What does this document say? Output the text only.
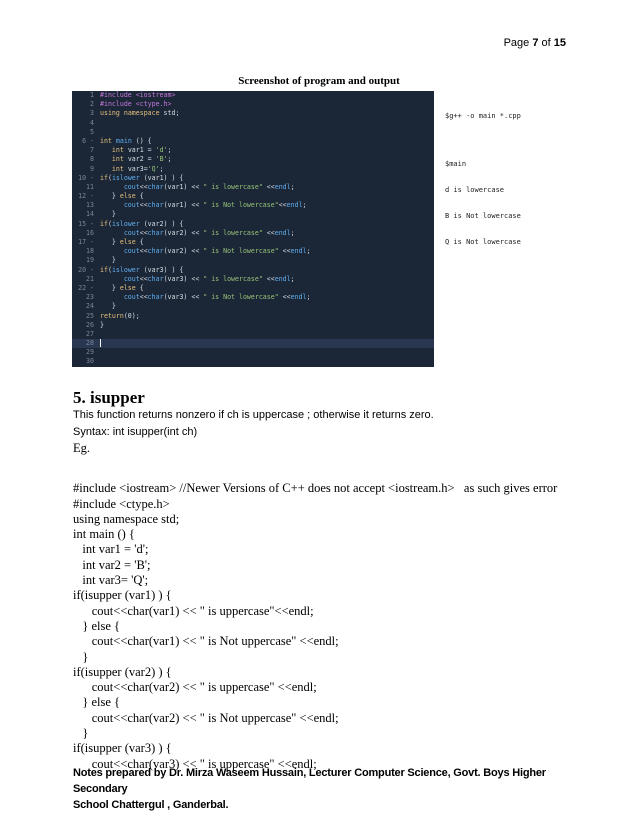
Page 7 of 15
Screenshot of program and output
1 #include <iostream>
2 #include <ctype.h>
3 using namespace std;
4
5
6 - int main () {
7	int var1 = 'd';
8	int var2 = 'B';
9	int var3='Q';
10 - if(islower (var1) ) {
11	cout<<char(var1) << " is lowercase" <<endl;
12 - } else {
13	cout<<char(var1) << " is Not lowercase"<<endl;
14 }
15 - if(islower (var2) ) {
16	cout<<char(var2) << " is lowercase" <<endl;
17 - } else {
18	cout<<char(var2) << " is Not lowercase" <<endl;
19 }
20 - if(islower (var3) ) {
21	cout<<char(var3) << " is lowercase" <<endl;
22 - } else {
23	cout<<char(var3) << " is Not lowercase" <<endl;
24 }
25 return(0);
26 }
27
28
29
30

$g++ -o main *.cpp

$main

d is lowercase

B is Not lowercase

Q is Not lowercase

5. isupper
This function returns nonzero if ch is uppercase ; otherwise it returns zero.
Syntax: int isupper(int ch)
Eg.
#include <iostream> //Newer Versions of C++ does not accept <iostream.h>   as such gives error
#include <ctype.h>
using namespace std;
int main () {
int var1 = 'd';
int var2 = 'B';
int var3= 'Q';
if(isupper (var1) ) {
cout<<char(var1) << " is uppercase"<<endl;
} else {
cout<<char(var1) << " is Not uppercase" <<endl;
}
if(isupper (var2) ) {
cout<<char(var2) << " is uppercase" <<endl;
} else {
cout<<char(var2) << " is Not uppercase" <<endl;
}
if(isupper (var3) ) {
cout<<char(var3) << " is uppercase" <<endl;
Notes prepared by Dr. Mirza Waseem Hussain, Lecturer Computer Science, Govt. Boys Higher Secondary
School Chattergul , Ganderbal.
